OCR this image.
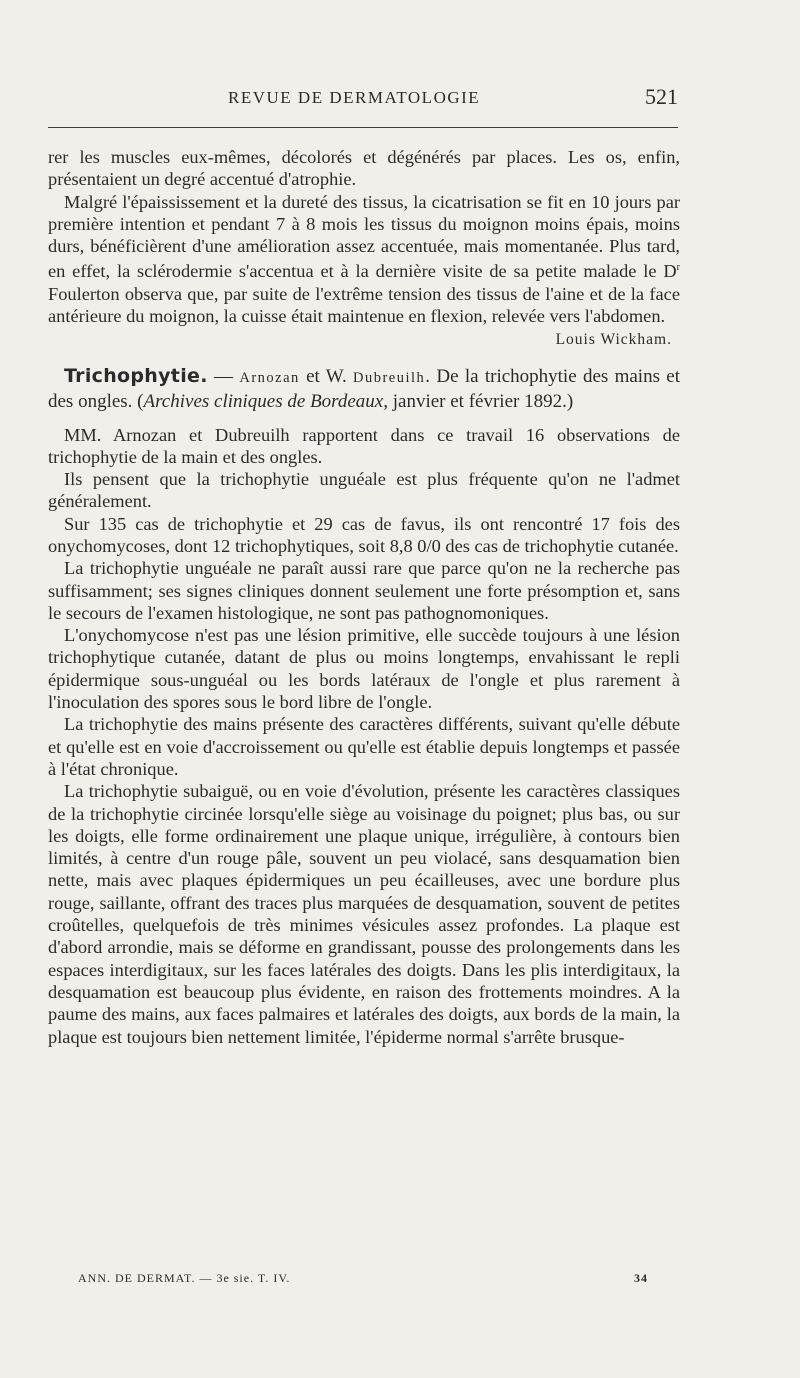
REVUE DE DERMATOLOGIE	521

rer les muscles eux-mêmes, décolorés et dégénérés par places. Les os, enfin, présentaient un degré accentué d'atrophie.

Malgré l'épaississement et la dureté des tissus, la cicatrisation se fit en 10 jours par première intention et pendant 7 à 8 mois les tissus du moignon moins épais, moins durs, bénéficièrent d'une amélioration assez accentuée, mais momentanée. Plus tard, en effet, la sclérodermie s'accentua et à la dernière visite de sa petite malade le $D^r$ Foulerton observa que, par suite de l'extrême tension des tissus de l'aine et de la face antérieure du moignon, la cuisse était maintenue en flexion, relevée vers l'abdomen.

Louis Wickham.

Trichophytie. — Arnozan et W. Dubreuilh. De la trichophytie des mains et des ongles. (Archives cliniques de Bordeaux, janvier et février 1892.)

MM. Arnozan et Dubreuilh rapportent dans ce travail 16 observations de trichophytie de la main et des ongles.

Ils pensent que la trichophytie unguéale est plus fréquente qu'on ne l'admet généralement.

Sur 135 cas de trichophytie et 29 cas de favus, ils ont rencontré 17 fois des onychomycoses, dont 12 trichophytiques, soit 8,8 0/0 des cas de trichophytie cutanée.

La trichophytie unguéale ne paraît aussi rare que parce qu'on ne la recherche pas suffisamment; ses signes cliniques donnent seulement une forte présomption et, sans le secours de l'examen histologique, ne sont pas pathognomoniques.

L'onychomycose n'est pas une lésion primitive, elle succède toujours à une lésion trichophytique cutanée, datant de plus ou moins longtemps, envahissant le repli épidermique sous-unguéal ou les bords latéraux de l'ongle et plus rarement à l'inoculation des spores sous le bord libre de l'ongle.

La trichophytie des mains présente des caractères différents, suivant qu'elle débute et qu'elle est en voie d'accroissement ou qu'elle est établie depuis longtemps et passée à l'état chronique.

La trichophytie subaiguë, ou en voie d'évolution, présente les caractères classiques de la trichophytie circinée lorsqu'elle siège au voisinage du poignet; plus bas, ou sur les doigts, elle forme ordinairement une plaque unique, irrégulière, à contours bien limités, à centre d'un rouge pâle, souvent un peu violacé, sans desquamation bien nette, mais avec plaques épidermiques un peu écailleuses, avec une bordure plus rouge, saillante, offrant des traces plus marquées de desquamation, souvent de petites croûtelles, quelquefois de très minimes vésicules assez profondes. La plaque est d'abord arrondie, mais se déforme en grandissant, pousse des prolongements dans les espaces interdigitaux, sur les faces latérales des doigts. Dans les plis interdigitaux, la desquamation est beaucoup plus évidente, en raison des frottements moindres. A la paume des mains, aux faces palmaires et latérales des doigts, aux bords de la main, la plaque est toujours bien nettement limitée, l'épiderme normal s'arrête brusque-

ANN. DE DERMAT. — 3e sie. T. IV.	34
